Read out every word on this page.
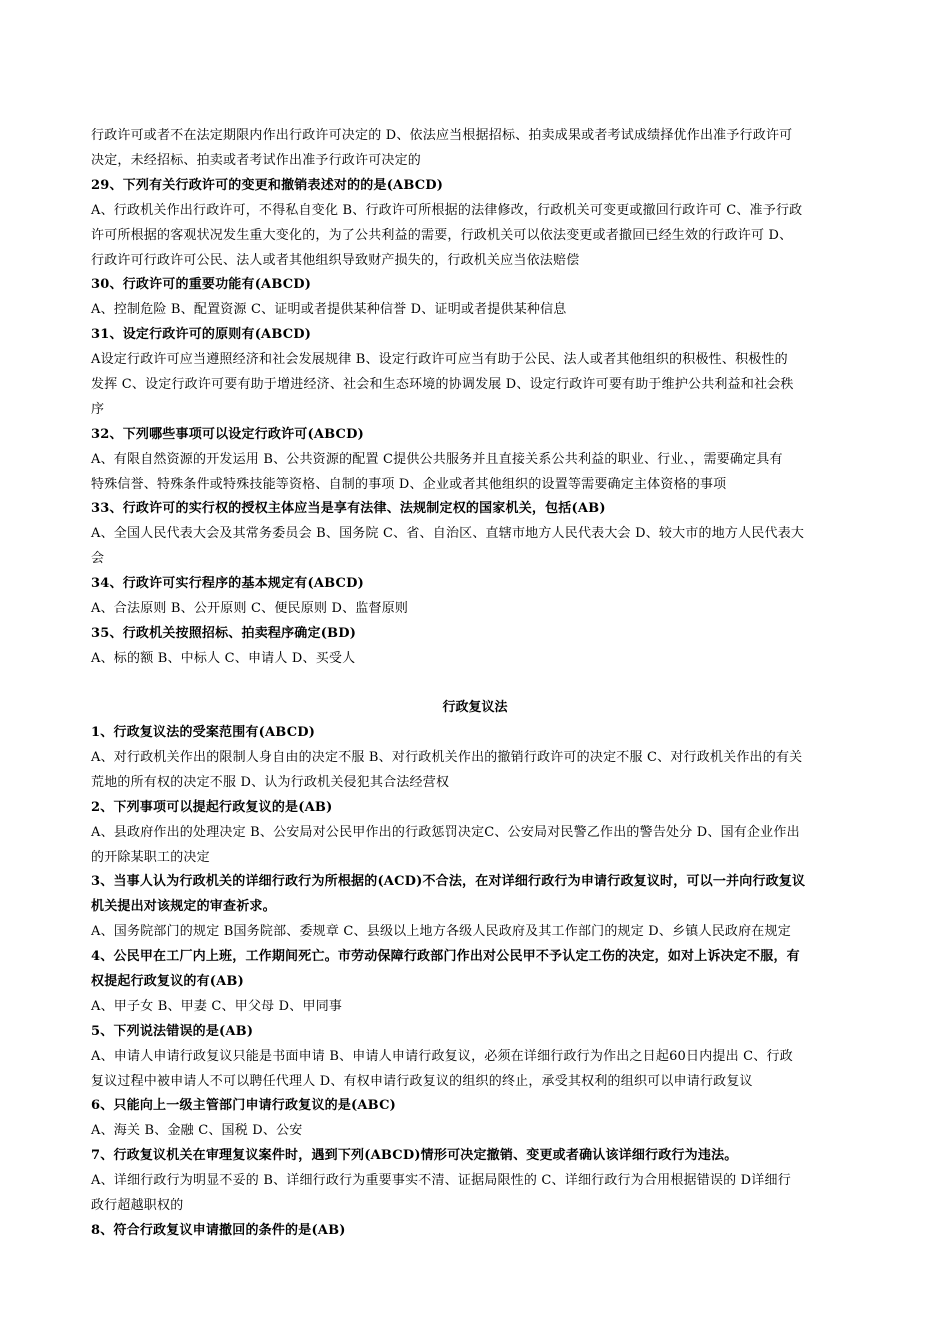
行政许可或者不在法定期限内作出行政许可决定的 D、依法应当根据招标、拍卖成果或者考试成绩择优作出准予行政许可
决定，未经招标、拍卖或者考试作出准予行政许可决定的
29、下列有关行政许可的变更和撤销表述对的的是(ABCD)
A、行政机关作出行政许可，不得私自变化 B、行政许可所根据的法律修改，行政机关可变更或撤回行政许可 C、准予行政
许可所根据的客观状况发生重大变化的，为了公共利益的需要，行政机关可以依法变更或者撤回已经生效的行政许可 D、
行政许可行政许可公民、法人或者其他组织导致财产损失的，行政机关应当依法赔偿
30、行政许可的重要功能有(ABCD)
A、控制危险 B、配置资源 C、证明或者提供某种信誉 D、证明或者提供某种信息
31、设定行政许可的原则有(ABCD)
A设定行政许可应当遵照经济和社会发展规律 B、设定行政许可应当有助于公民、法人或者其他组织的积极性、积极性的
发挥 C、设定行政许可要有助于增进经济、社会和生态环境的协调发展 D、设定行政许可要有助于维护公共利益和社会秩
序
32、下列哪些事项可以设定行政许可(ABCD)
A、有限自然资源的开发运用 B、公共资源的配置 C提供公共服务并且直接关系公共利益的职业、行业、，需要确定具有
特殊信誉、特殊条件或特殊技能等资格、自制的事项 D、企业或者其他组织的设置等需要确定主体资格的事项
33、行政许可的实行权的授权主体应当是享有法律、法规制定权的国家机关，包括(AB)
A、全国人民代表大会及其常务委员会 B、国务院 C、省、自治区、直辖市地方人民代表大会 D、较大市的地方人民代表大
会
34、行政许可实行程序的基本规定有(ABCD)
A、合法原则 B、公开原则 C、便民原则 D、监督原则
35、行政机关按照招标、拍卖程序确定(BD)
A、标的额 B、中标人 C、申请人 D、买受人
行政复议法
1、行政复议法的受案范围有(ABCD)
A、对行政机关作出的限制人身自由的决定不服 B、对行政机关作出的撤销行政许可的决定不服 C、对行政机关作出的有关
荒地的所有权的决定不服 D、认为行政机关侵犯其合法经营权
2、下列事项可以提起行政复议的是(AB)
A、县政府作出的处理决定 B、公安局对公民甲作出的行政惩罚决定C、公安局对民警乙作出的警告处分 D、国有企业作出
的开除某职工的决定
3、当事人认为行政机关的详细行政行为所根据的(ACD)不合法，在对详细行政行为申请行政复议时，可以一并向行政复议
机关提出对该规定的审查祈求。
A、国务院部门的规定 B国务院部、委规章 C、县级以上地方各级人民政府及其工作部门的规定 D、乡镇人民政府在规定
4、公民甲在工厂内上班，工作期间死亡。市劳动保障行政部门作出对公民甲不予认定工伤的决定，如对上诉决定不服，有
权提起行政复议的有(AB)
A、甲子女 B、甲妻 C、甲父母 D、甲同事
5、下列说法错误的是(AB)
A、申请人申请行政复议只能是书面申请 B、申请人申请行政复议，必须在详细行政行为作出之日起60日内提出 C、行政
复议过程中被申请人不可以聘任代理人 D、有权申请行政复议的组织的终止，承受其权利的组织可以申请行政复议
6、只能向上一级主管部门申请行政复议的是(ABC)
A、海关 B、金融 C、国税 D、公安
7、行政复议机关在审理复议案件时，遇到下列(ABCD)情形可决定撤销、变更或者确认该详细行政行为违法。
A、详细行政行为明显不妥的 B、详细行政行为重要事实不清、证据局限性的 C、详细行政行为合用根据错误的 D详细行
政行超越职权的
8、符合行政复议申请撤回的条件的是(AB)
